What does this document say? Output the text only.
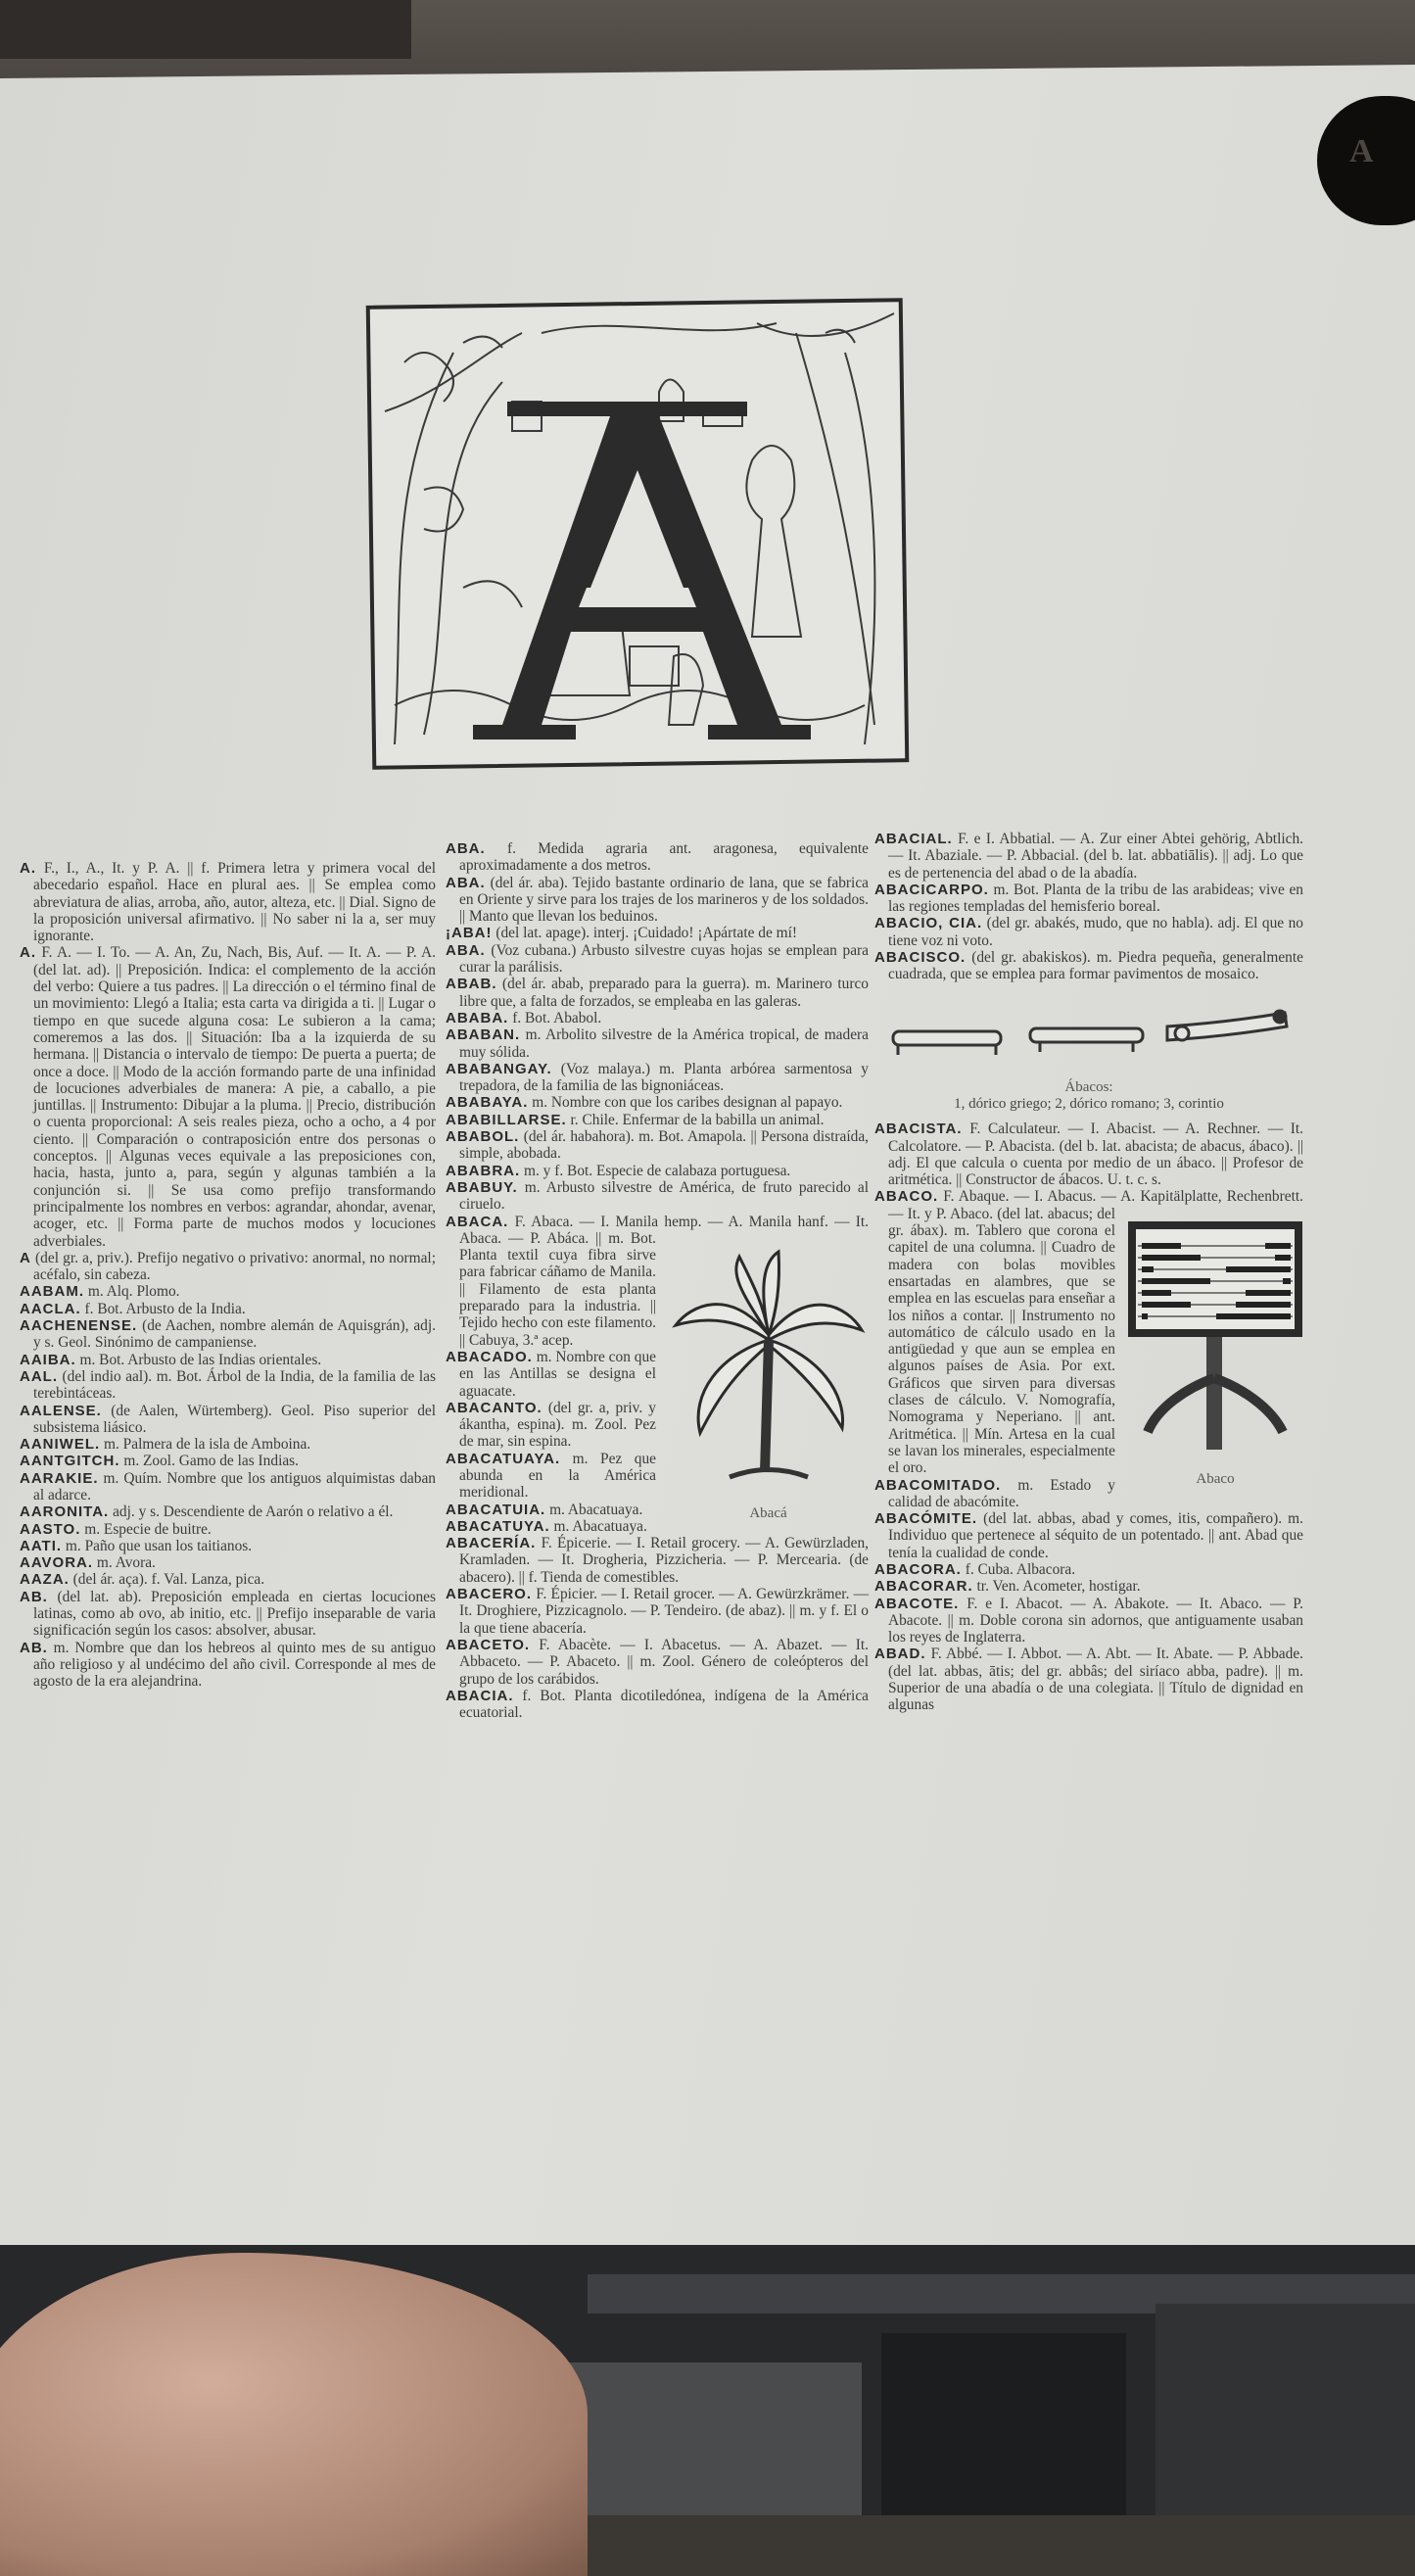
A

A. F., I., A., It. y P. A. || f. Primera letra y primera vocal del abecedario español. Hace en plural aes. || Se emplea como abreviatura de alias, arroba, año, autor, alteza, etc. || Dial. Signo de la proposición universal afirmativo. || No saber ni la a, ser muy ignorante.

A. F. A. — I. To. — A. An, Zu, Nach, Bis, Auf. — It. A. — P. A. (del lat. ad). || Preposición. Indica: el complemento de la acción del verbo: Quiere a tus padres. || La dirección o el término final de un movimiento: Llegó a Italia; esta carta va dirigida a ti. || Lugar o tiempo en que sucede alguna cosa: Le subieron a la cama; comeremos a las dos. || Situación: Iba a la izquierda de su hermana. || Distancia o intervalo de tiempo: De puerta a puerta; de once a doce. || Modo de la acción formando parte de una infinidad de locuciones adverbiales de manera: A pie, a caballo, a pie juntillas. || Instrumento: Dibujar a la pluma. || Precio, distribución o cuenta proporcional: A seis reales pieza, ocho a ocho, a 4 por ciento. || Comparación o contraposición entre dos personas o conceptos. || Algunas veces equivale a las preposiciones con, hacia, hasta, junto a, para, según y algunas también a la conjunción si. || Se usa como prefijo transformando principalmente los nombres en verbos: agrandar, ahondar, avenar, acoger, etc. || Forma parte de muchos modos y locuciones adverbiales.

A (del gr. a, priv.). Prefijo negativo o privativo: anormal, no normal; acéfalo, sin cabeza.

AABAM. m. Alq. Plomo.

AACLA. f. Bot. Arbusto de la India.

AACHENENSE. (de Aachen, nombre alemán de Aquisgrán), adj. y s. Geol. Sinónimo de campaniense.

AAIBA. m. Bot. Arbusto de las Indias orientales.

AAL. (del indio aal). m. Bot. Árbol de la India, de la familia de las terebintáceas.

AALENSE. (de Aalen, Würtemberg). Geol. Piso superior del subsistema liásico.

AANIWEL. m. Palmera de la isla de Amboina.

AANTGITCH. m. Zool. Gamo de las Indias.

AARAKIE. m. Quím. Nombre que los antiguos alquimistas daban al adarce.

AARONITA. adj. y s. Descendiente de Aarón o relativo a él.

AASTO. m. Especie de buitre.

AATI. m. Paño que usan los taitianos.

AAVORA. m. Avora.

AAZA. (del ár. aça). f. Val. Lanza, pica.

AB. (del lat. ab). Preposición empleada en ciertas locuciones latinas, como ab ovo, ab initio, etc. || Prefijo inseparable de varia significación según los casos: absolver, abusar.

AB. m. Nombre que dan los hebreos al quinto mes de su antiguo año religioso y al undécimo del año civil. Corresponde al mes de agosto de la era alejandrina.

ABA. f. Medida agraria ant. aragonesa, equivalente aproximadamente a dos metros.

ABA. (del ár. aba). Tejido bastante ordinario de lana, que se fabrica en Oriente y sirve para los trajes de los marineros y de los soldados. || Manto que llevan los beduinos.

¡ABA! (del lat. apage). interj. ¡Cuidado! ¡Apártate de mí!

ABA. (Voz cubana.) Arbusto silvestre cuyas hojas se emplean para curar la parálisis.

ABAB. (del ár. abab, preparado para la guerra). m. Marinero turco libre que, a falta de forzados, se empleaba en las galeras.

ABABA. f. Bot. Ababol.

ABABAN. m. Arbolito silvestre de la América tropical, de madera muy sólida.

ABABANGAY. (Voz malaya.) m. Planta arbórea sarmentosa y trepadora, de la familia de las bignoniáceas.

ABABAYA. m. Nombre con que los caribes designan al papayo.

ABABILLARSE. r. Chile. Enfermar de la babilla un animal.

ABABOL. (del ár. habahora). m. Bot. Amapola. || Persona distraída, simple, abobada.

ABABRA. m. y f. Bot. Especie de calabaza portuguesa.

ABABUY. m. Arbusto silvestre de América, de fruto parecido al ciruelo.

Abacá
ABACA. F. Abaca. — I. Manila hemp. — A. Manila hanf. — It. Abaca. — P. Abáca. || m. Bot. Planta textil cuya fibra sirve para fabricar cáñamo de Manila. || Filamento de esta planta preparado para la industria. || Tejido hecho con este filamento. || Cabuya, 3.ª acep.

ABACADO. m. Nombre con que en las Antillas se designa el aguacate.

ABACANTO. (del gr. a, priv. y ákantha, espina). m. Zool. Pez de mar, sin espina.

ABACATUAYA. m. Pez que abunda en la América meridional.

ABACATUIA. m. Abacatuaya.

ABACATUYA. m. Abacatuaya.

ABACERÍA. F. Épicerie. — I. Retail grocery. — A. Gewürzladen, Kramladen. — It. Drogheria, Pizzicheria. — P. Mercearia. (de abacero). || f. Tienda de comestibles.

ABACERO. F. Épicier. — I. Retail grocer. — A. Gewürzkrämer. — It. Droghiere, Pizzicagnolo. — P. Tendeiro. (de abaz). || m. y f. El o la que tiene abacería.

ABACETO. F. Abacète. — I. Abacetus. — A. Abazet. — It. Abbaceto. — P. Abaceto. || m. Zool. Género de coleópteros del grupo de los carábidos.

ABACIA. f. Bot. Planta dicotiledónea, indígena de la América ecuatorial.

ABACIAL. F. e I. Abbatial. — A. Zur einer Abtei gehörig, Abtlich. — It. Abaziale. — P. Abbacial. (del b. lat. abbatiālis). || adj. Lo que es de pertenencia del abad o de la abadía.

ABACICARPO. m. Bot. Planta de la tribu de las arabideas; vive en las regiones templadas del hemisferio boreal.

ABACIO, CIA. (del gr. abakés, mudo, que no habla). adj. El que no tiene voz ni voto.

ABACISCO. (del gr. abakiskos). m. Piedra pequeña, generalmente cuadrada, que se emplea para formar pavimentos de mosaico.

Ábacos:
1, dórico griego; 2, dórico romano; 3, corintio

ABACISTA. F. Calculateur. — I. Abacist. — A. Rechner. — It. Calcolatore. — P. Abacista. (del b. lat. abacista; de abacus, ábaco). || adj. El que calcula o cuenta por medio de un ábaco. || Profesor de aritmética. || Constructor de ábacos. U. t. c. s.

Abaco
ABACO. F. Abaque. — I. Abacus. — A. Kapitälplatte, Rechenbrett. — It. y P. Abaco. (del lat. abacus; del gr. ábax). m. Tablero que corona el capitel de una columna. || Cuadro de madera con bolas movibles ensartadas en alambres, que se emplea en las escuelas para enseñar a los niños a contar. || Instrumento no automático de cálculo usado en la antigüedad y que aun se emplea en algunos países de Asia. Por ext. Gráficos que sirven para diversas clases de cálculo. V. Nomografía, Nomograma y Neperiano. || ant. Aritmética. || Mín. Artesa en la cual se lavan los minerales, especialmente el oro.

ABACOMITADO. m. Estado y calidad de abacómite.

ABACÓMITE. (del lat. abbas, abad y comes, itis, compañero). m. Individuo que pertenece al séquito de un potentado. || ant. Abad que tenía la cualidad de conde.

ABACORA. f. Cuba. Albacora.

ABACORAR. tr. Ven. Acometer, hostigar.

ABACOTE. F. e I. Abacot. — A. Abakote. — It. Abaco. — P. Abacote. || m. Doble corona sin adornos, que antiguamente usaban los reyes de Inglaterra.

ABAD. F. Abbé. — I. Abbot. — A. Abt. — It. Abate. — P. Abbade. (del lat. abbas, ātis; del gr. abbâs; del siríaco abba, padre). || m. Superior de una abadía o de una colegiata. || Título de dignidad en algunas
